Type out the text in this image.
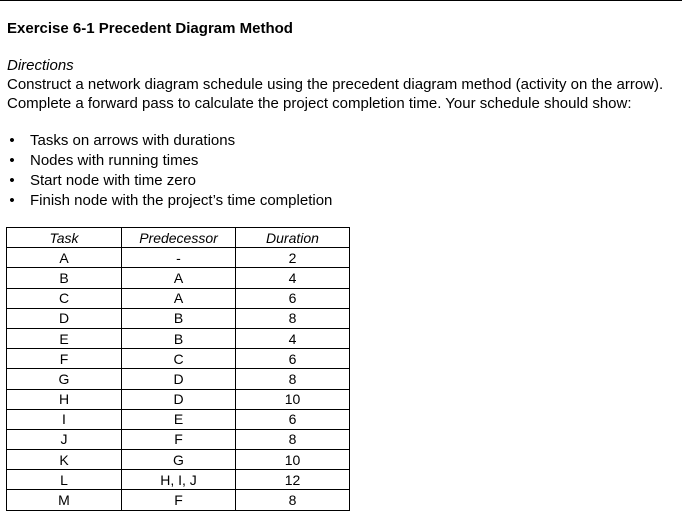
Exercise 6-1 Precedent Diagram Method
Directions

Construct a network diagram schedule using the precedent diagram method (activity on the arrow). Complete a forward pass to calculate the project completion time. Your schedule should show:

• Tasks on arrows with durations
• Nodes with running times
• Start node with time zero
• Finish node with the project’s time completion
Task	Predecessor	Duration
A	-	2
B	A	4
C	A	6
D	B	8
E	B	4
F	C	6
G	D	8
H	D	10
I	E	6
J	F	8
K	G	10
L	H, I, J	12
M	F	8
